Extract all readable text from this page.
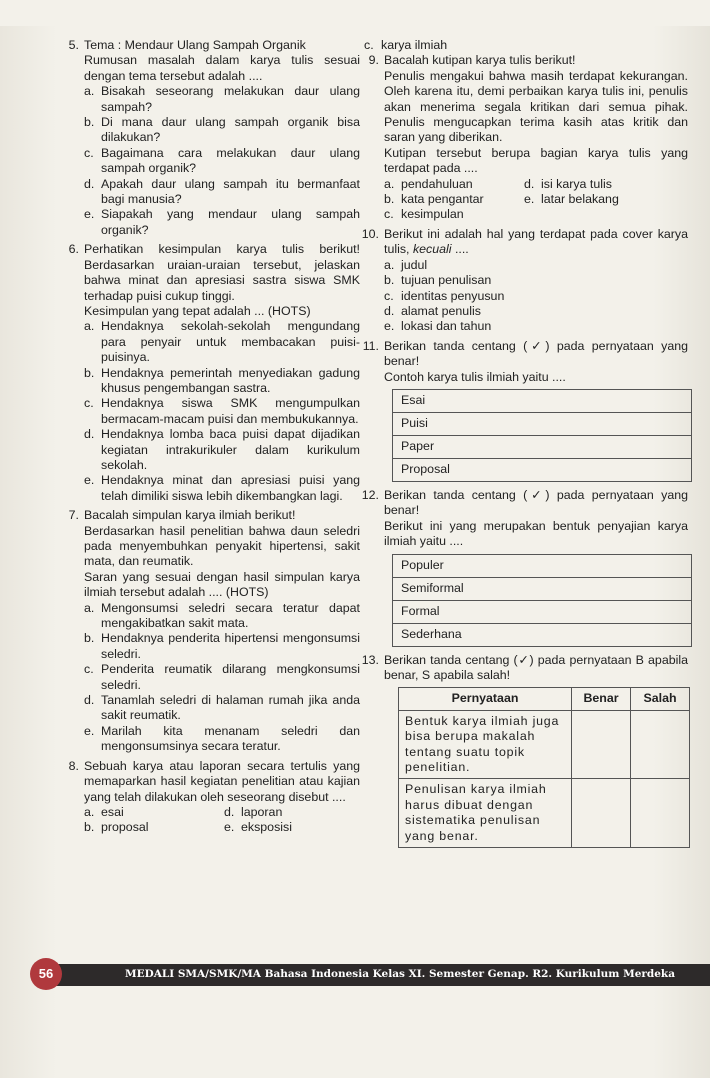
5. Tema : Mendaur Ulang Sampah Organik
Rumusan masalah dalam karya tulis sesuai dengan tema tersebut adalah ....
a. Bisakah seseorang melakukan daur ulang sampah?
b. Di mana daur ulang sampah organik bisa dilakukan?
c. Bagaimana cara melakukan daur ulang sampah organik?
d. Apakah daur ulang sampah itu bermanfaat bagi manusia?
e. Siapakah yang mendaur ulang sampah organik?
6. Perhatikan kesimpulan karya tulis berikut! Berdasarkan uraian-uraian tersebut, jelaskan bahwa minat dan apresiasi sastra siswa SMK terhadap puisi cukup tinggi.
Kesimpulan yang tepat adalah ... (HOTS)
a. Hendaknya sekolah-sekolah mengundang para penyair untuk membacakan puisi-puisinya.
b. Hendaknya pemerintah menyediakan gadung khusus pengembangan sastra.
c. Hendaknya siswa SMK mengumpulkan bermacam-macam puisi dan membukukannya.
d. Hendaknya lomba baca puisi dapat dijadikan kegiatan intrakurikuler dalam kurikulum sekolah.
e. Hendaknya minat dan apresiasi puisi yang telah dimiliki siswa lebih dikembangkan lagi.
7. Bacalah simpulan karya ilmiah berikut!
Berdasarkan hasil penelitian bahwa daun seledri pada menyembuhkan penyakit hipertensi, sakit mata, dan reumatik.
Saran yang sesuai dengan hasil simpulan karya ilmiah tersebut adalah .... (HOTS)
a. Mengonsumsi seledri secara teratur dapat mengakibatkan sakit mata.
b. Hendaknya penderita hipertensi mengonsumsi seledri.
c. Penderita reumatik dilarang mengkonsumsi seledri.
d. Tanamlah seledri di halaman rumah jika anda sakit reumatik.
e. Marilah kita menanam seledri dan mengonsumsinya secara teratur.
8. Sebuah karya atau laporan secara tertulis yang memaparkan hasil kegiatan penelitian atau kajian yang telah dilakukan oleh seseorang disebut ....
a. esai	d. laporan
b. proposal	e. eksposisi
c. karya ilmiah
9. Bacalah kutipan karya tulis berikut!
Penulis mengakui bahwa masih terdapat kekurangan. Oleh karena itu, demi perbaikan karya tulis ini, penulis akan menerima segala kritikan dari semua pihak. Penulis mengucapkan terima kasih atas kritik dan saran yang diberikan.
Kutipan tersebut berupa bagian karya tulis yang terdapat pada ....
a. pendahuluan	d. isi karya tulis
b. kata pengantar	e. latar belakang
c. kesimpulan
10. Berikut ini adalah hal yang terdapat pada cover karya tulis, kecuali ....
a. judul
b. tujuan penulisan
c. identitas penyusun
d. alamat penulis
e. lokasi dan tahun
11. Berikan tanda centang (✓) pada pernyataan yang benar!
Contoh karya tulis ilmiah yaitu ....
Esai
Puisi
Paper
Proposal
12. Berikan tanda centang (✓) pada pernyataan yang benar!
Berikut ini yang merupakan bentuk penyajian karya ilmiah yaitu ....
Populer
Semiformal
Formal
Sederhana
13. Berikan tanda centang (✓) pada pernyataan B apabila benar, S apabila salah!
Pernyataan	Benar	Salah
Bentuk karya ilmiah juga bisa berupa makalah tentang suatu topik penelitian.		
Penulisan karya ilmiah harus dibuat dengan sistematika penulisan yang benar.		
56	MEDALI SMA/SMK/MA Bahasa Indonesia Kelas XI. Semester Genap. R2. Kurikulum Merdeka
